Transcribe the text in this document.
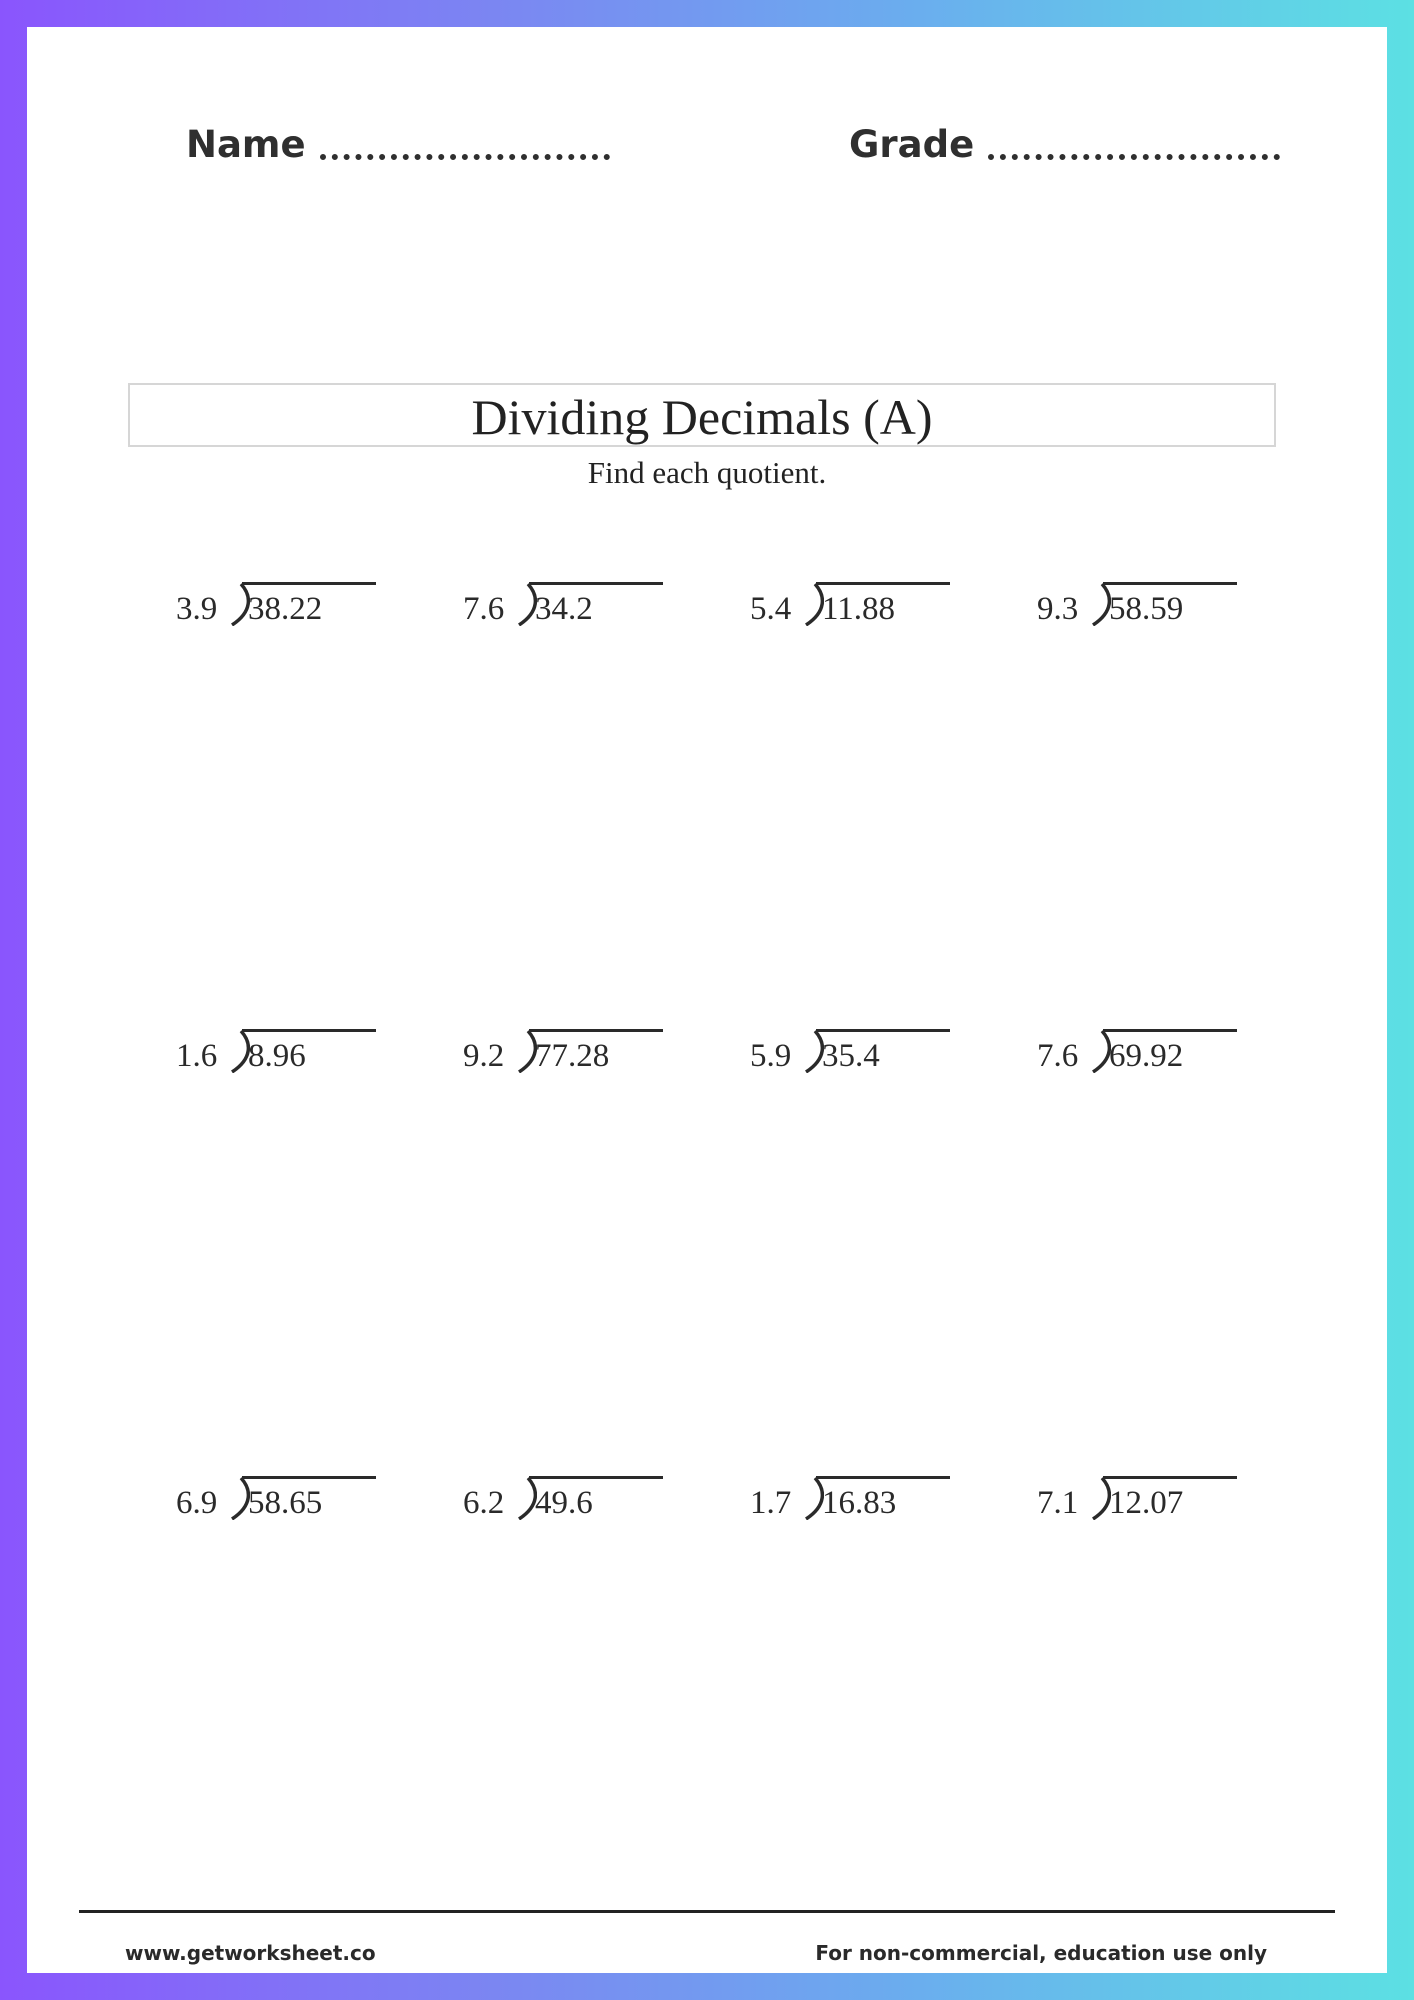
Name	Grade
Dividing Decimals (A)
Find each quotient.
3.9 38.22	7.6 34.2	5.4 11.88	9.3 58.59
1.6 8.96	9.2 77.28	5.9 35.4	7.6 69.92
6.9 58.65	6.2 49.6	1.7 16.83	7.1 12.07
www.getworksheet.co	For non-commercial, education use only
